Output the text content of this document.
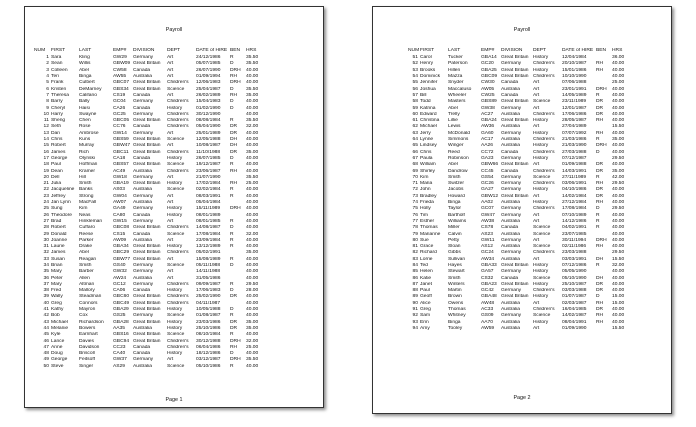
Payroll
NUM	FIRST	LAST	EMP#	DIVISION	DEPT	DATE of HIRE	BEN	HRS
1	Sara	Kling	GW29	Germany	Art	24/12/1986	R	35.50
2	Sean	Willis	GBW09	Great Britain	Art	05/07/1985	D	35.50
3	Colleen	Abel	CW58	Canada	Art	26/07/1990	DRH	40.00
4	Teri	Binga	AW55	Australia	Art	01/09/1994	RH	40.00
5	Frank	Culbert	GBC07	Great Britain	Children's	12/06/1983	DRH	40.00
6	Kristen	DeMarney	GBS34	Great Britain	Science	25/04/1987	D	35.50
7	Theresa	Califano	CS19	Canada	Art	26/02/1989	RH	35.00
8	Barry	Bally	GC04	Germany	Children's	15/04/1983	D	40.00
9	Cheryl	Haisi	CA26	Canada	History	01/02/1990	D	40.00
10	Harry	Swayne	GC25	Germany	Children's	30/12/1990		40.00
11	Sheng	Chen	GBC05	Great Britain	Children's	08/08/1984	R	35.50
12	Seth	Rose	CC76	Canada	Children's	05/04/1990	DR	32.00
13	Dan	Ambrose	GW14	Germany	Art	25/01/1989	DR	40.00
14	Chris	Kuns	GBS59	Great Britain	Science	12/05/1988	DH	40.00
15	Robert	Murray	GBW47	Great Britain	Art	10/08/1987	DH	40.00
16	James	Rich	GBC11	Great Britain	Children's	11/10/1988	DR	35.00
17	George	Olynski	CA18	Canada	History	26/07/1985	D	40.00
18	Paul	Hoffman	GBS57	Great Britain	Science	19/12/1987	R	40.00
19	Dean	Kramer	AC49	Australia	Children's	23/06/1987	RH	40.00
20	Dell	Hill	GW18	Germany	Art	21/07/1990		35.50
21	Julia	Smith	GBA19	Great Britain	History	17/02/1984	RH	25.00
22	Jacqueline	Banks	AS03	Australia	Science	02/02/1984	R	40.00
23	Jeffrey	Strong	GW04	Germany	Art	08/03/1991	R	40.00
24	Jan Lynn	MacFall	AW07	Australia	Art	05/04/1984		40.00
25	Sung	Kim	GA49	Germany	History	15/11/1989	DRH	40.00
26	Theodore	Neas	CA80	Canada	History	08/01/1989		40.00
27	Brad	Hinkleman	GW15	Germany	Art	08/01/1985	R	40.00
28	Robert	Cuffaro	GBC08	Great Britain	Children's	14/08/1987	D	40.00
29	Donald	Reese	CS15	Canada	Science	17/08/1984	R	32.00
30	Joanne	Parker	AW09	Australia	Art	23/09/1984	R	40.00
31	Laurie	Drake	GBA34	Great Britain	History	13/12/1989	R	40.00
32	James	Abel	GBC29	Great Britain	Children's	05/02/1991		35.00
33	Susan	Reagan	GBW77	Great Britain	Art	15/08/1989	R	40.00
34	Brian	Smith	GS40	Germany	Science	05/11/1988	D	40.00
35	Mary	Barber	GW32	Germany	Art	14/11/1988		40.00
36	Peter	Allen	AW24	Australia	Art	31/05/1986		40.00
37	Mary	Altman	GC12	Germany	Children's	09/09/1987	R	29.50
38	Fred	Mallory	CA06	Canada	History	17/06/1983	D	28.00
39	Wally	Steadman	GBC60	Great Britain	Children's	25/02/1990	DR	40.00
40	Greg	Connors	GBC49	Great Britain	Children's	04/11/1987		40.00
41	Kathy	Mayron	GBA29	Great Britain	History	10/05/1988	D	40.00
42	Bob	Cox	GS25	Germany	Science	01/08/1987	R	40.00
43	Michael	Richardson	GBA28	Great Britain	History	23/03/1986	DR	35.00
44	Melanie	Bowers	AA35	Australia	History	25/10/1986	DR	35.00
45	Kyle	Earnhart	GBS16	Great Britain	Science	08/10/1984	R	40.00
46	Lance	Davies	GBC94	Great Britain	Children's	30/12/1988	DRH	32.00
47	Anne	Davidson	CC23	Canada	Children's	06/04/1986	RH	25.00
48	Doug	Briscoll	CA40	Canada	History	18/12/1986	D	40.00
49	George	Feitsoff	GW37	Germany	Art	03/12/1987	DRH	35.50
50	Steve	Singer	AS29	Australia	Science	05/10/1986	R	40.00
Page 1
Payroll
NUM	FIRST	LAST	EMP#	DIVISION	DEPT	DATE of HIRE	BEN	HRS
51	Carol	Tucker	GBA14	Great Britain	History	12/04/1984		36.00
52	Henry	Paterson	GC20	Germany	Children's	20/10/1987	RH	40.00
53	Brooks	Hillen	GBA25	Great Britain	History	15/01/1986	RH	40.00
54	Dominick	Mazza	GBC09	Great Britain	Children's	10/10/1990		40.00
55	Jennifer	Snyder	CW30	Canada	Art	07/06/1988		25.00
56	Joshua	Maccaluso	AW05	Australia	Art	23/01/1991	DRH	40.00
57	Bill	Wheeler	CW25	Canada	Art	14/05/1989	R	40.00
58	Todd	Masters	GBS89	Great Britain	Science	23/11/1989	DR	40.00
59	Katrina	Abel	GW38	Germany	Art	12/01/1987	DR	40.00
60	Edward	Trelly	AC27	Australia	Children's	17/06/1986	DR	40.00
61	Christina	Lillie	GBA24	Great Britain	History	28/05/1987	RH	40.00
62	Michael	Lewis	AW36	Australia	Art	27/04/1989		15.50
63	Jerry	McDonald	GA60	Germany	History	07/07/1992	RH	40.00
64	Lynne	Simmons	AC17	Australia	Children's	21/03/1986	R	35.00
65	Lindsey	Winger	AA26	Australia	History	21/03/1990	DRH	40.00
66	Chris	Reed	CC72	Canada	Children's	27/03/1988	D	40.00
67	Paula	Robinson	GA23	Germany	History	07/12/1987		29.50
68	William	Abel	GBW66	Great Britain	Art	01/09/1988	DR	40.00
69	Shirley	Dandrow	CC45	Canada	Children's	14/03/1991	DR	35.00
70	Kim	Smith	GS54	Germany	Science	27/11/1989	R	42.00
71	Maria	Switzer	GC26	Germany	Children's	03/06/1991	RH	29.50
72	John	Jacobs	GA27	Germany	History	04/10/1986	DR	40.00
73	Bradley	Howard	GBW12	Great Britain	Art	14/02/1984	DR	40.00
74	Frieda	Binga	AA02	Australia	History	27/12/1984	RH	40.00
75	Holly	Taylor	GC07	Germany	Children's	17/08/1984	D	29.50
76	Tim	Bartholf	GW47	Germany	Art	07/10/1989	R	40.00
77	Esther	Williams	AW38	Australia	Art	14/12/1986	R	40.00
78	Thomas	Miller	CS78	Canada	Science	04/02/1991	R	40.00
79	Marianne	Calvin	AS23	Australia	Science	23/07/1985		40.00
80	Sue	Petty	GW11	Germany	Art	30/11/1994	DRH	40.00
81	Grace	Sloan	AS12	Australia	Science	02/11/1986	RH	40.00
82	Richard	Gibbs	GC24	Germany	Children's	23/03/1988		29.50
83	Lorrie	Sullivan	AW34	Australia	Art	03/03/1991	DH	15.50
84	Ted	Hayes	GBA33	Great Britain	History	07/12/1986	R	32.00
85	Helen	Stewart	GA57	Germany	History	05/05/1990		40.00
86	Katie	Smith	CS32	Canada	Science	05/10/1990	DH	40.00
87	Janet	Winters	GBA23	Great Britain	History	25/10/1987	DR	40.00
88	Paul	Martin	GC42	Germany	Children's	03/03/1988	DR	40.00
89	Geoff	Brown	GBA48	Great Britain	History	01/07/1987	D	15.00
90	Alice	Owens	AW48	Australia	Art	02/03/1987	RH	15.00
91	Greg	Thomas	AC33	Australia	Children's	16/04/1985	DR	40.00
92	Sam	Whitney	GS09	Germany	Science	14/02/1987	RH	40.00
93	Erin	Binga	AA70	Australia	History	08/04/1991	RH	40.00
94	Amy	Tooley	AW59	Australia	Art	01/09/1990		15.50
Page 2
